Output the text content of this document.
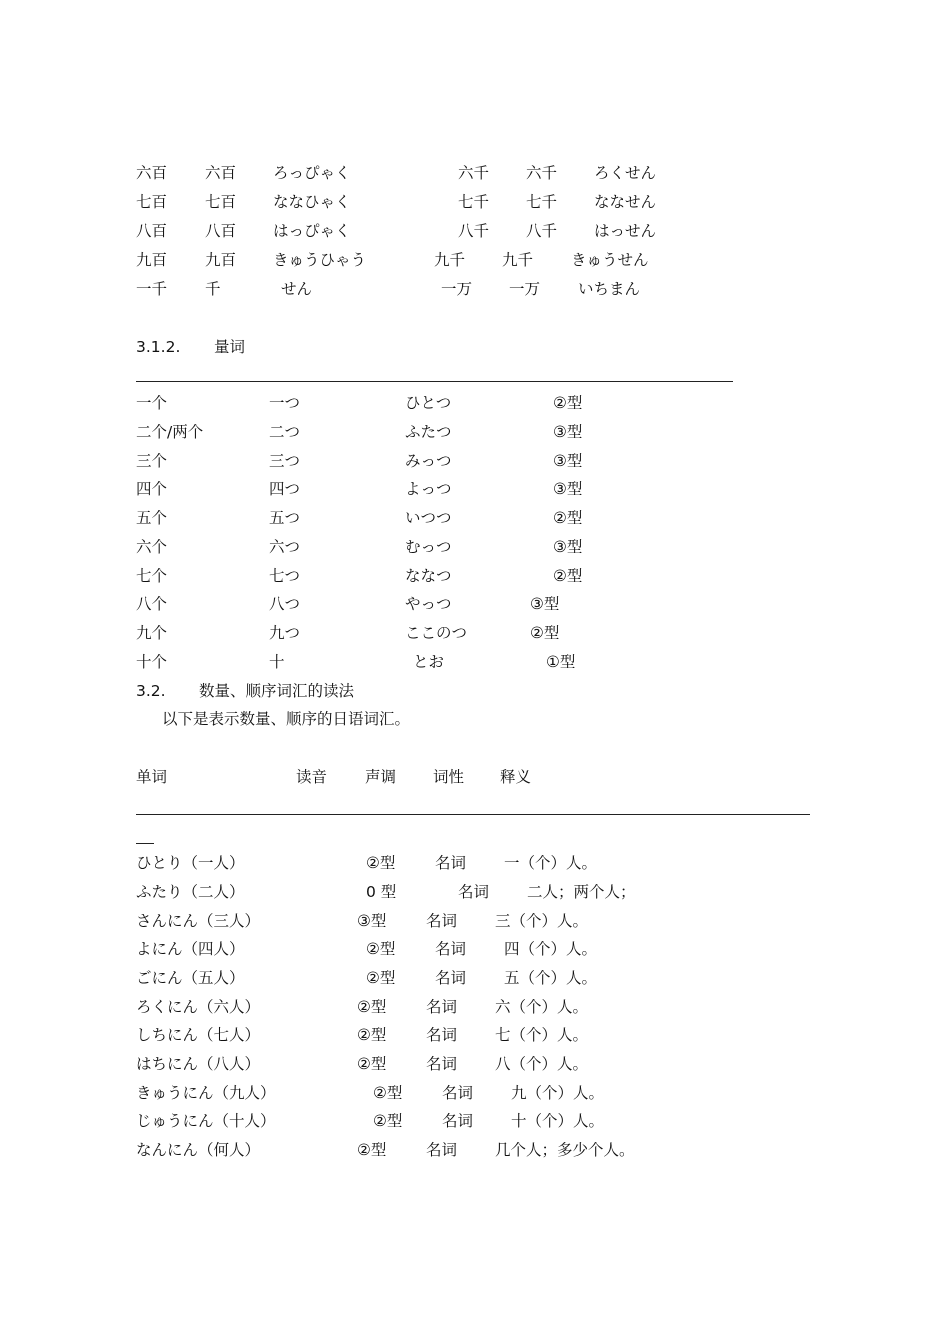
六百 六百 ろっぴゃく	六千 六千 ろくせん
七百 七百 ななひゃく	七千 七千 ななせん
八百 八百 はっぴゃく	八千 八千 はっせん
九百 九百 きゅうひゃう	九千 九千 きゅうせん
一千 千	せん	一万 一万 いちまん
3.1.2. 量词
一个	一つ	ひとつ	②型
二个/两个	二つ	ふたつ	③型
三个	三つ	みっつ	③型
四个	四つ	よっつ	③型
五个	五つ	いつつ	②型
六个	六つ	むっつ	③型
七个	七つ	ななつ	②型
八个	八つ	やっつ	③型
九个	九つ	ここのつ	②型
十个	十	とお	①型
3.2. 数量、顺序词汇的读法
以下是表示数量、顺序的日语词汇。
单词	读音 声调 词性 释义
ひとり（一人）	②型	名词 一（个）人。
ふたり（二人）	0 型	名词 二人；两个人；
さんにん（三人）	③型	名词 三（个）人。
よにん（四人）	②型	名词 四（个）人。
ごにん（五人）	②型	名词 五（个）人。
ろくにん（六人）	②型	名词 六（个）人。
しちにん（七人）	②型	名词 七（个）人。
はちにん（八人）	②型	名词 八（个）人。
きゅうにん（九人）	②型	名词 九（个）人。
じゅうにん（十人）	②型	名词 十（个）人。
なんにん（何人）	②型	名词 几个人；多少个人。
